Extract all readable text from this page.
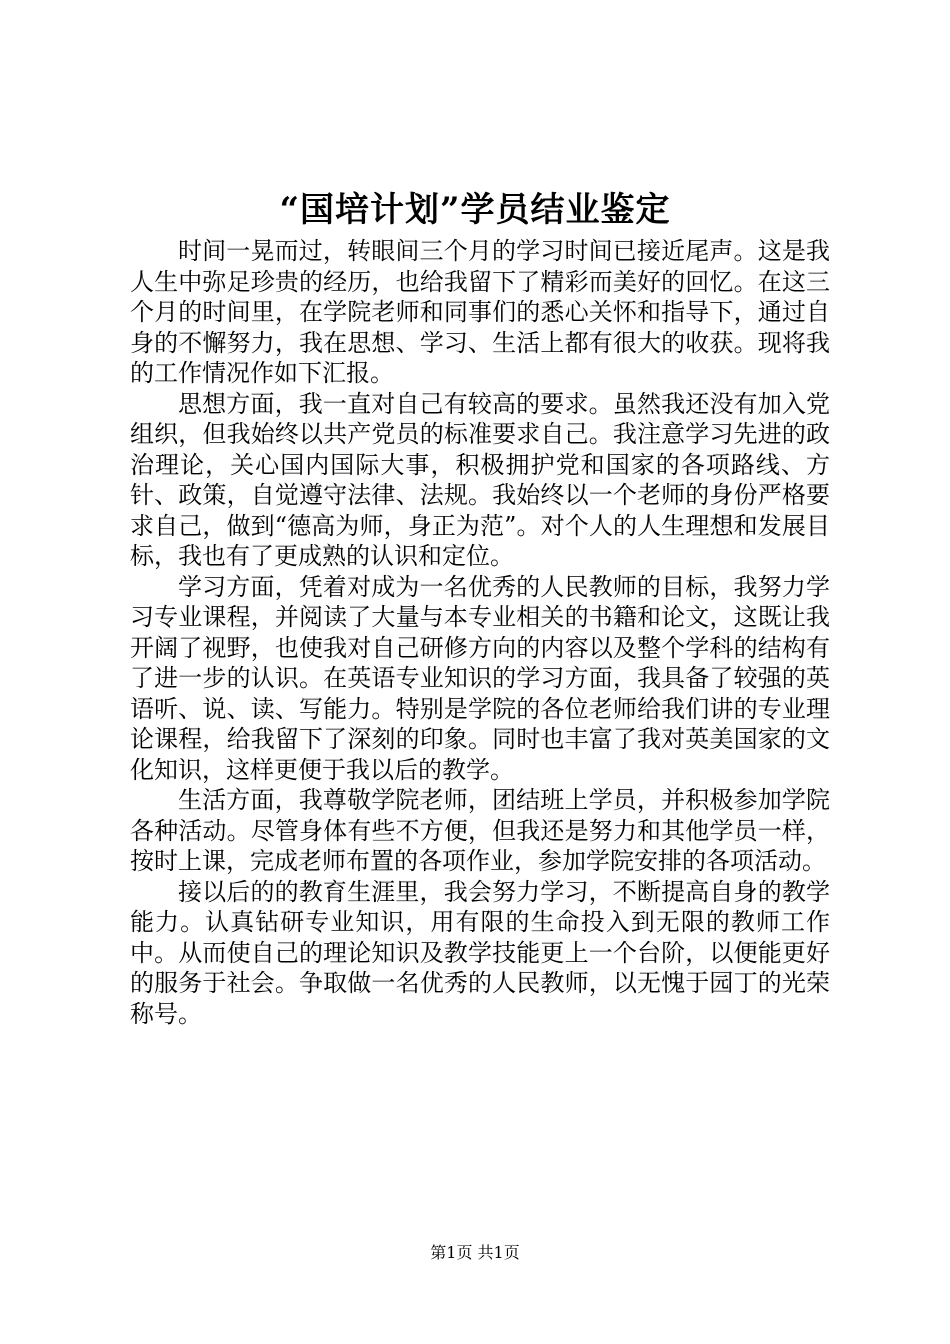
“国培计划”学员结业鉴定

时间一晃而过，转眼间三个月的学习时间已接近尾声。这是我人生中弥足珍贵的经历，也给我留下了精彩而美好的回忆。在这三个月的时间里，在学院老师和同事们的悉心关怀和指导下，通过自身的不懈努力，我在思想、学习、生活上都有很大的收获。现将我的工作情况作如下汇报。

思想方面，我一直对自己有较高的要求。虽然我还没有加入党组织，但我始终以共产党员的标准要求自己。我注意学习先进的政治理论，关心国内国际大事，积极拥护党和国家的各项路线、方针、政策，自觉遵守法律、法规。我始终以一个老师的身份严格要求自己，做到“德高为师，身正为范”。对个人的人生理想和发展目标，我也有了更成熟的认识和定位。

学习方面，凭着对成为一名优秀的人民教师的目标，我努力学习专业课程，并阅读了大量与本专业相关的书籍和论文，这既让我开阔了视野，也使我对自己研修方向的内容以及整个学科的结构有了进一步的认识。在英语专业知识的学习方面，我具备了较强的英语听、说、读、写能力。特别是学院的各位老师给我们讲的专业理论课程，给我留下了深刻的印象。同时也丰富了我对英美国家的文化知识，这样更便于我以后的教学。

生活方面，我尊敬学院老师，团结班上学员，并积极参加学院各种活动。尽管身体有些不方便，但我还是努力和其他学员一样，按时上课，完成老师布置的各项作业，参加学院安排的各项活动。

接以后的的教育生涯里，我会努力学习，不断提高自身的教学能力。认真钻研专业知识，用有限的生命投入到无限的教师工作中。从而使自己的理论知识及教学技能更上一个台阶，以便能更好的服务于社会。争取做一名优秀的人民教师，以无愧于园丁的光荣称号。

第1页 共1页
